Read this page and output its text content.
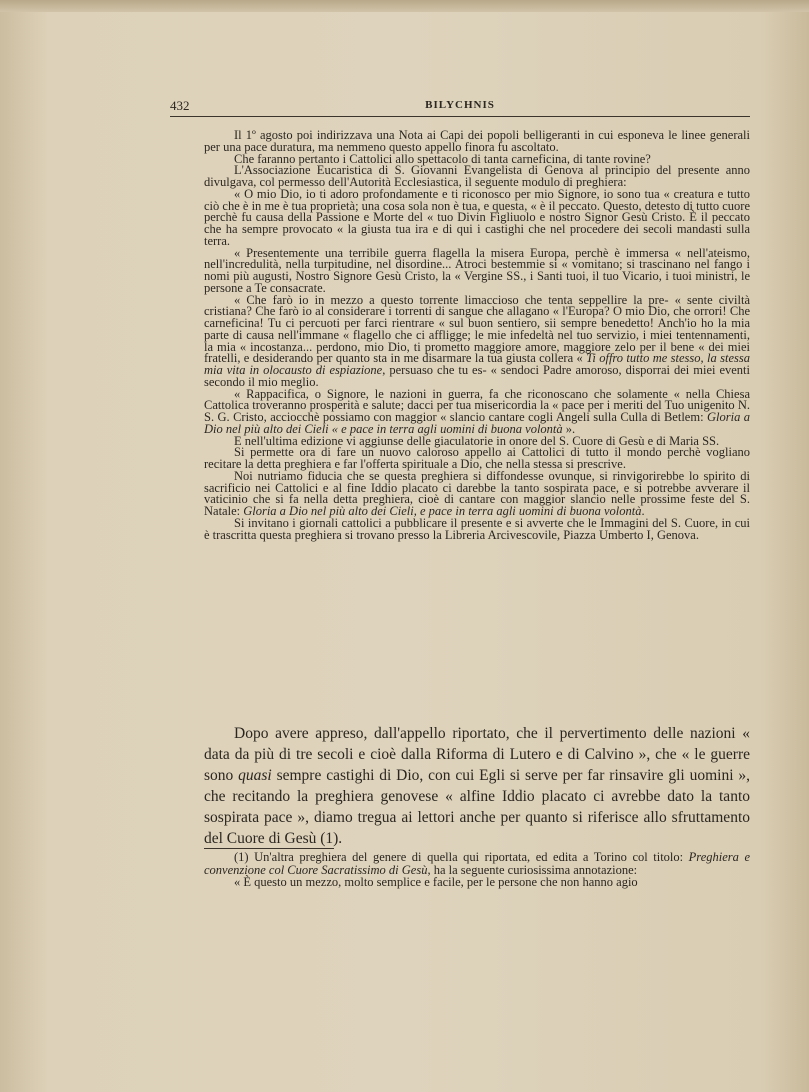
432	BILYCHNIS

Il 1º agosto poi indirizzava una Nota ai Capi dei popoli belligeranti in cui esponeva le linee generali per una pace duratura, ma nemmeno questo appello finora fu ascoltato.

Che faranno pertanto i Cattolici allo spettacolo di tanta carneficina, di tante rovine?

L'Associazione Eucaristica di S. Giovanni Evangelista di Genova al principio del presente anno divulgava, col permesso dell'Autorità Ecclesiastica, il seguente modulo di preghiera:

« O mio Dio, io ti adoro profondamente e ti riconosco per mio Signore, io sono tua « creatura e tutto ciò che è in me è tua proprietà; una cosa sola non è tua, e questa, « è il peccato. Questo, detesto di tutto cuore perchè fu causa della Passione e Morte del « tuo Divin Figliuolo e nostro Signor Gesù Cristo. È il peccato che ha sempre provocato « la giusta tua ira e di qui i castighi che nel procedere dei secoli mandasti sulla terra.

« Presentemente una terribile guerra flagella la misera Europa, perchè è immersa « nell'ateismo, nell'incredulità, nella turpitudine, nel disordine... Atroci bestemmie si « vomitano; si trascinano nel fango i nomi più augusti, Nostro Signore Gesù Cristo, la « Vergine SS., i Santi tuoi, il tuo Vicario, i tuoi ministri, le persone a Te consacrate.

« Che farò io in mezzo a questo torrente limaccioso che tenta seppellire la pre- « sente civiltà cristiana? Che farò io al considerare i torrenti di sangue che allagano « l'Europa? O mio Dio, che orrori! Che carneficina! Tu ci percuoti per farci rientrare « sul buon sentiero, sii sempre benedetto! Anch'io ho la mia parte di causa nell'immane « flagello che ci affligge; le mie infedeltà nel tuo servizio, i miei tentennamenti, la mia « incostanza... perdono, mio Dio, ti prometto maggiore amore, maggiore zelo per il bene « dei miei fratelli, e desiderando per quanto sta in me disarmare la tua giusta collera « Ti offro tutto me stesso, la stessa mia vita in olocausto di espiazione, persuaso che tu es- « sendoci Padre amoroso, disporrai dei miei eventi secondo il mio meglio.

« Rappacifica, o Signore, le nazioni in guerra, fa che riconoscano che solamente « nella Chiesa Cattolica troveranno prosperità e salute; dacci per tua misericordia la « pace per i meriti del Tuo unigenito N. S. G. Cristo, acciocchè possiamo con maggior « slancio cantare cogli Angeli sulla Culla di Betlem: Gloria a Dio nel più alto dei Cieli « e pace in terra agli uomini di buona volontà ».

E nell'ultima edizione vi aggiunse delle giaculatorie in onore del S. Cuore di Gesù e di Maria SS.

Si permette ora di fare un nuovo caloroso appello ai Cattolici di tutto il mondo perchè vogliano recitare la detta preghiera e far l'offerta spirituale a Dio, che nella stessa si prescrive.

Noi nutriamo fiducia che se questa preghiera si diffondesse ovunque, si rinvigorirebbe lo spirito di sacrificio nei Cattolici e al fine Iddio placato ci darebbe la tanto sospirata pace, e si potrebbe avverare il vaticinio che si fa nella detta preghiera, cioè di cantare con maggior slancio nelle prossime feste del S. Natale: Gloria a Dio nel più alto dei Cieli, e pace in terra agli uomini di buona volontà.

Si invitano i giornali cattolici a pubblicare il presente e si avverte che le Immagini del S. Cuore, in cui è trascritta questa preghiera si trovano presso la Libreria Arcivescovile, Piazza Umberto I, Genova.

Dopo avere appreso, dall'appello riportato, che il pervertimento delle nazioni « data da più di tre secoli e cioè dalla Riforma di Lutero e di Calvino », che « le guerre sono quasi sempre castighi di Dio, con cui Egli si serve per far rinsavire gli uomini », che recitando la preghiera genovese « alfine Iddio placato ci avrebbe dato la tanto sospirata pace », diamo tregua ai lettori anche per quanto si riferisce allo sfruttamento del Cuore di Gesù (1).

(1) Un'altra preghiera del genere di quella qui riportata, ed edita a Torino col titolo: Preghiera e convenzione col Cuore Sacratissimo di Gesù, ha la seguente curiosissima annotazione:

« È questo un mezzo, molto semplice e facile, per le persone che non hanno agio
